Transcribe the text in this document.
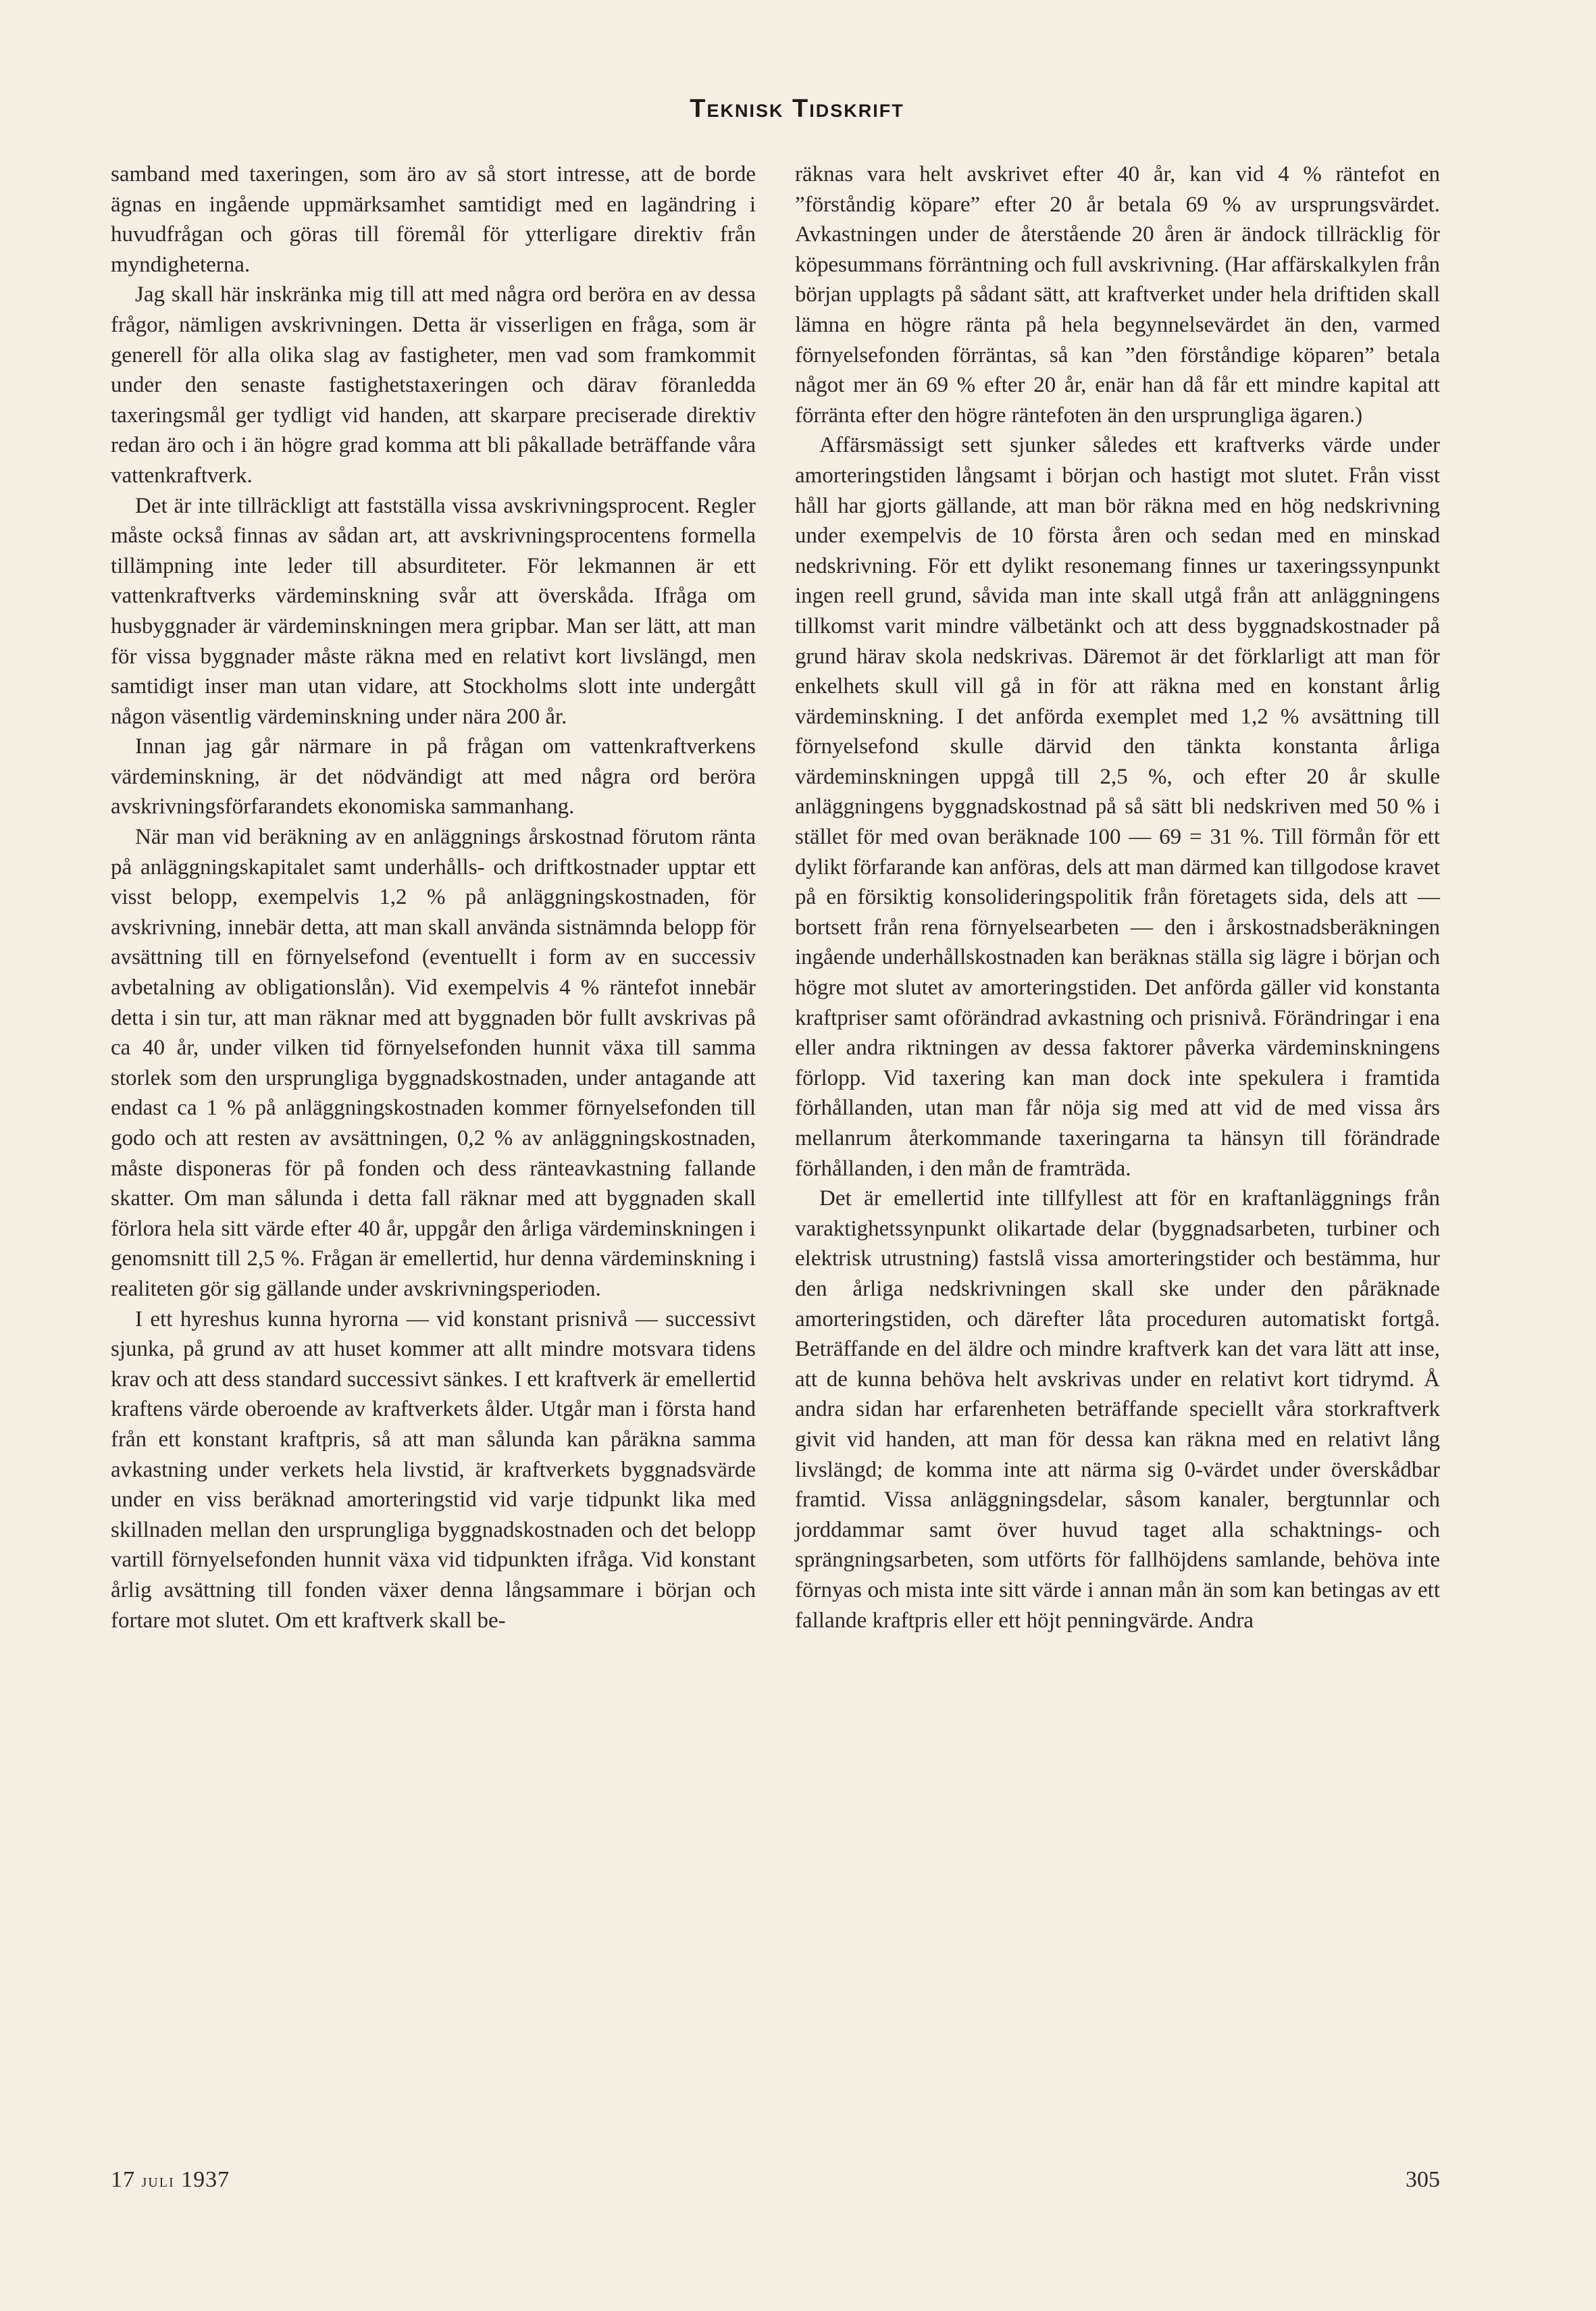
Teknisk Tidskrift

samband med taxeringen, som äro av så stort intresse, att de borde ägnas en ingående uppmärksamhet samtidigt med en lagändring i huvudfrågan och göras till föremål för ytterligare direktiv från myndigheterna.

Jag skall här inskränka mig till att med några ord beröra en av dessa frågor, nämligen avskrivningen. Detta är visserligen en fråga, som är generell för alla olika slag av fastigheter, men vad som framkommit under den senaste fastighetstaxeringen och därav föranledda taxeringsmål ger tydligt vid handen, att skarpare preciserade direktiv redan äro och i än högre grad komma att bli påkallade beträffande våra vattenkraftverk.

Det är inte tillräckligt att fastställa vissa avskrivningsprocent. Regler måste också finnas av sådan art, att avskrivningsprocentens formella tillämpning inte leder till absurditeter. För lekmannen är ett vattenkraftverks värdeminskning svår att överskåda. Ifråga om husbyggnader är värdeminskningen mera gripbar. Man ser lätt, att man för vissa byggnader måste räkna med en relativt kort livslängd, men samtidigt inser man utan vidare, att Stockholms slott inte undergått någon väsentlig värdeminskning under nära 200 år.

Innan jag går närmare in på frågan om vattenkraftverkens värdeminskning, är det nödvändigt att med några ord beröra avskrivningsförfarandets ekonomiska sammanhang.

När man vid beräkning av en anläggnings årskostnad förutom ränta på anläggningskapitalet samt underhålls- och driftkostnader upptar ett visst belopp, exempelvis 1,2 % på anläggningskostnaden, för avskrivning, innebär detta, att man skall använda sistnämnda belopp för avsättning till en förnyelsefond (eventuellt i form av en successiv avbetalning av obligationslån). Vid exempelvis 4 % räntefot innebär detta i sin tur, att man räknar med att byggnaden bör fullt avskrivas på ca 40 år, under vilken tid förnyelsefonden hunnit växa till samma storlek som den ursprungliga byggnadskostnaden, under antagande att endast ca 1 % på anläggningskostnaden kommer förnyelsefonden till godo och att resten av avsättningen, 0,2 % av anläggningskostnaden, måste disponeras för på fonden och dess ränteavkastning fallande skatter. Om man sålunda i detta fall räknar med att byggnaden skall förlora hela sitt värde efter 40 år, uppgår den årliga värdeminskningen i genomsnitt till 2,5 %. Frågan är emellertid, hur denna värdeminskning i realiteten gör sig gällande under avskrivningsperioden.

I ett hyreshus kunna hyrorna — vid konstant prisnivå — successivt sjunka, på grund av att huset kommer att allt mindre motsvara tidens krav och att dess standard successivt sänkes. I ett kraftverk är emellertid kraftens värde oberoende av kraftverkets ålder. Utgår man i första hand från ett konstant kraftpris, så att man sålunda kan påräkna samma avkastning under verkets hela livstid, är kraftverkets byggnadsvärde under en viss beräknad amorteringstid vid varje tidpunkt lika med skillnaden mellan den ursprungliga byggnadskostnaden och det belopp vartill förnyelsefonden hunnit växa vid tidpunkten ifråga. Vid konstant årlig avsättning till fonden växer denna långsammare i början och fortare mot slutet. Om ett kraftverk skall be-

räknas vara helt avskrivet efter 40 år, kan vid 4 % räntefot en ”förståndig köpare” efter 20 år betala 69 % av ursprungsvärdet. Avkastningen under de återstående 20 åren är ändock tillräcklig för köpesummans förräntning och full avskrivning. (Har affärskalkylen från början upplagts på sådant sätt, att kraftverket under hela driftiden skall lämna en högre ränta på hela begynnelsevärdet än den, varmed förnyelsefonden förräntas, så kan ”den förståndige köparen” betala något mer än 69 % efter 20 år, enär han då får ett mindre kapital att förränta efter den högre räntefoten än den ursprungliga ägaren.)

Affärsmässigt sett sjunker således ett kraftverks värde under amorteringstiden långsamt i början och hastigt mot slutet. Från visst håll har gjorts gällande, att man bör räkna med en hög nedskrivning under exempelvis de 10 första åren och sedan med en minskad nedskrivning. För ett dylikt resonemang finnes ur taxeringssynpunkt ingen reell grund, såvida man inte skall utgå från att anläggningens tillkomst varit mindre välbetänkt och att dess byggnadskostnader på grund härav skola nedskrivas. Däremot är det förklarligt att man för enkelhets skull vill gå in för att räkna med en konstant årlig värdeminskning. I det anförda exemplet med 1,2 % avsättning till förnyelsefond skulle därvid den tänkta konstanta årliga värdeminskningen uppgå till 2,5 %, och efter 20 år skulle anläggningens byggnadskostnad på så sätt bli nedskriven med 50 % i stället för med ovan beräknade 100 — 69 = 31 %. Till förmån för ett dylikt förfarande kan anföras, dels att man därmed kan tillgodose kravet på en försiktig konsolideringspolitik från företagets sida, dels att — bortsett från rena förnyelsearbeten — den i årskostnadsberäkningen ingående underhållskostnaden kan beräknas ställa sig lägre i början och högre mot slutet av amorteringstiden. Det anförda gäller vid konstanta kraftpriser samt oförändrad avkastning och prisnivå. Förändringar i ena eller andra riktningen av dessa faktorer påverka värdeminskningens förlopp. Vid taxering kan man dock inte spekulera i framtida förhållanden, utan man får nöja sig med att vid de med vissa års mellanrum återkommande taxeringarna ta hänsyn till förändrade förhållanden, i den mån de framträda.

Det är emellertid inte tillfyllest att för en kraftanläggnings från varaktighetssynpunkt olikartade delar (byggnadsarbeten, turbiner och elektrisk utrustning) fastslå vissa amorteringstider och bestämma, hur den årliga nedskrivningen skall ske under den påräknade amorteringstiden, och därefter låta proceduren automatiskt fortgå. Beträffande en del äldre och mindre kraftverk kan det vara lätt att inse, att de kunna behöva helt avskrivas under en relativt kort tidrymd. Å andra sidan har erfarenheten beträffande speciellt våra storkraftverk givit vid handen, att man för dessa kan räkna med en relativt lång livslängd; de komma inte att närma sig 0-värdet under överskådbar framtid. Vissa anläggningsdelar, såsom kanaler, bergtunnlar och jorddammar samt över huvud taget alla schaktnings- och sprängningsarbeten, som utförts för fallhöjdens samlande, behöva inte förnyas och mista inte sitt värde i annan mån än som kan betingas av ett fallande kraftpris eller ett höjt penningvärde. Andra

17 juli 1937	305
